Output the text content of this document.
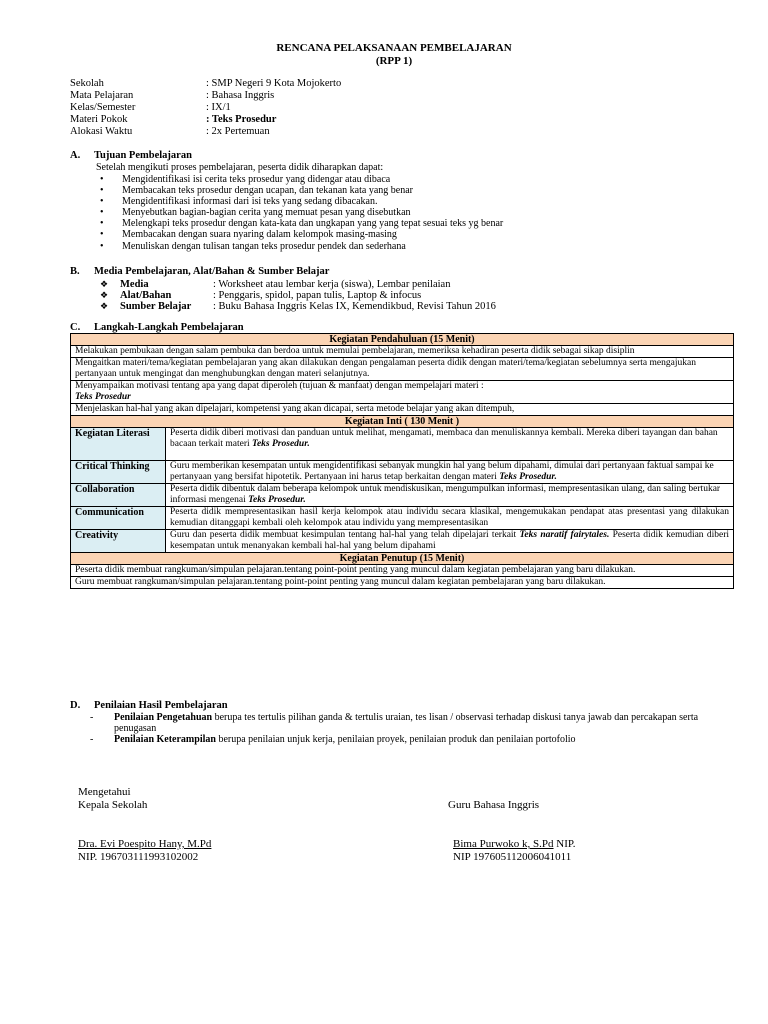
RENCANA PELAKSANAAN PEMBELAJARAN
(RPP 1)
Sekolah	: SMP Negeri 9 Kota Mojokerto
Mata Pelajaran	: Bahasa Inggris
Kelas/Semester	: IX/1
Materi Pokok	: Teks Prosedur
Alokasi Waktu	: 2x Pertemuan
A. Tujuan Pembelajaran
Setelah mengikuti proses pembelajaran, peserta didik diharapkan dapat:
• Mengidentifikasi isi cerita teks prosedur yang didengar atau dibaca
• Membacakan teks prosedur dengan ucapan, dan tekanan kata yang benar
• Mengidentifikasi informasi dari isi teks yang sedang dibacakan.
• Menyebutkan bagian-bagian cerita yang memuat pesan yang disebutkan
• Melengkapi teks prosedur dengan kata-kata dan ungkapan yang yang tepat sesuai teks yg benar
• Membacakan dengan suara nyaring dalam kelompok masing-masing
• Menuliskan dengan tulisan tangan teks prosedur pendek dan sederhana
B. Media Pembelajaran, Alat/Bahan & Sumber Belajar
❖ Media	: Worksheet atau lembar kerja (siswa), Lembar penilaian
❖ Alat/Bahan	: Penggaris, spidol, papan tulis, Laptop & infocus
❖ Sumber Belajar : Buku Bahasa Inggris Kelas IX, Kemendikbud, Revisi Tahun 2016
C. Langkah-Langkah Pembelajaran
Kegiatan Pendahuluan (15 Menit)	
Melakukan pembukaan dengan salam pembuka dan berdoa untuk memulai pembelajaran, memeriksa kehadiran peserta didik sebagai sikap disiplin	
Mengaitkan materi/tema/kegiatan pembelajaran yang akan dilakukan dengan pengalaman peserta didik dengan materi/tema/kegiatan sebelumnya serta mengajukan pertanyaan untuk mengingat dan menghubungkan dengan materi selanjutnya.	
Menyampaikan motivasi tentang apa yang dapat diperoleh (tujuan & manfaat) dengan mempelajari materi :
Teks Prosedur	
Menjelaskan hal-hal yang akan dipelajari, kompetensi yang akan dicapai, serta metode belajar yang akan ditempuh,	
Kegiatan Inti ( 130 Menit )	
Kegiatan Literasi	Peserta didik diberi motivasi dan panduan untuk melihat, mengamati, membaca dan menuliskannya kembali. Mereka diberi tayangan dan bahan bacaan terkait materi Teks Prosedur.
Critical Thinking	Guru memberikan kesempatan untuk mengidentifikasi sebanyak mungkin hal yang belum dipahami, dimulai dari pertanyaan faktual sampai ke pertanyaan yang bersifat hipotetik. Pertanyaan ini harus tetap berkaitan dengan materi Teks Prosedur.
Collaboration	Peserta didik dibentuk dalam beberapa kelompok untuk mendiskusikan, mengumpulkan informasi, mempresentasikan ulang, dan saling bertukar informasi mengenai Teks Prosedur.
Communication	Peserta didik mempresentasikan hasil kerja kelompok atau individu secara klasikal, mengemukakan pendapat atas presentasi yang dilakukan kemudian ditanggapi kembali oleh kelompok atau individu yang mempresentasikan
Creativity	Guru dan peserta didik membuat kesimpulan tentang hal-hal yang telah dipelajari terkait Teks naratif fairytales. Peserta didik kemudian diberi kesempatan untuk menanyakan kembali hal-hal yang belum dipahami
Kegiatan Penutup (15 Menit)	
Peserta didik membuat rangkuman/simpulan pelajaran.tentang point-point penting yang muncul dalam kegiatan pembelajaran yang baru dilakukan.	
Guru membuat rangkuman/simpulan pelajaran.tentang point-point penting yang muncul dalam kegiatan pembelajaran yang baru dilakukan.	
D. Penilaian Hasil Pembelajaran
-	Penilaian Pengetahuan berupa tes tertulis pilihan ganda & tertulis uraian, tes lisan / observasi terhadap diskusi tanya jawab dan percakapan serta penugasan
-	Penilaian Keterampilan berupa penilaian unjuk kerja, penilaian proyek, penilaian produk dan penilaian portofolio
Mengetahui
Kepala Sekolah	Guru Bahasa Inggris
Dra. Evi Poespito Hany, M.Pd
NIP. 196703111993102002
Bima Purwoko k, S.Pd NIP.
NIP 197605112006041011
